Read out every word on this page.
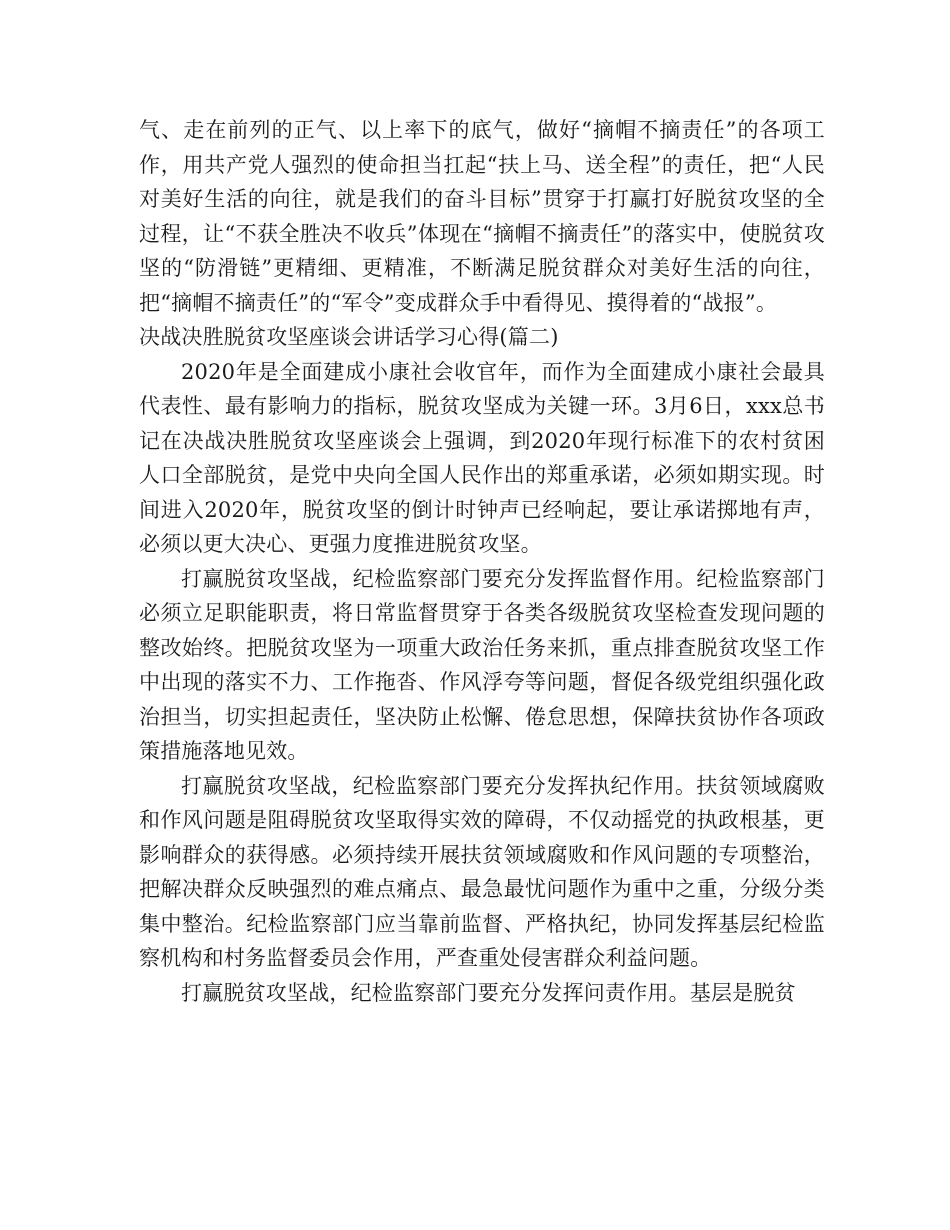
气、走在前列的正气、以上率下的底气，做好“摘帽不摘责任”的各项工作，用共产党人强烈的使命担当扛起“扶上马、送全程”的责任，把“人民对美好生活的向往，就是我们的奋斗目标”贯穿于打赢打好脱贫攻坚的全过程，让“不获全胜决不收兵”体现在“摘帽不摘责任”的落实中，使脱贫攻坚的“防滑链”更精细、更精准，不断满足脱贫群众对美好生活的向往，把“摘帽不摘责任”的“军令”变成群众手中看得见、摸得着的“战报”。

决战决胜脱贫攻坚座谈会讲话学习心得(篇二)

2020年是全面建成小康社会收官年，而作为全面建成小康社会最具代表性、最有影响力的指标，脱贫攻坚成为关键一环。3月6日，xxx总书记在决战决胜脱贫攻坚座谈会上强调，到2020年现行标准下的农村贫困人口全部脱贫，是党中央向全国人民作出的郑重承诺，必须如期实现。时间进入2020年，脱贫攻坚的倒计时钟声已经响起，要让承诺掷地有声，必须以更大决心、更强力度推进脱贫攻坚。

打赢脱贫攻坚战，纪检监察部门要充分发挥监督作用。纪检监察部门必须立足职能职责，将日常监督贯穿于各类各级脱贫攻坚检查发现问题的整改始终。把脱贫攻坚为一项重大政治任务来抓，重点排查脱贫攻坚工作中出现的落实不力、工作拖沓、作风浮夸等问题，督促各级党组织强化政治担当，切实担起责任，坚决防止松懈、倦怠思想，保障扶贫协作各项政策措施落地见效。

打赢脱贫攻坚战，纪检监察部门要充分发挥执纪作用。扶贫领域腐败和作风问题是阻碍脱贫攻坚取得实效的障碍，不仅动摇党的执政根基，更影响群众的获得感。必须持续开展扶贫领域腐败和作风问题的专项整治，把解决群众反映强烈的难点痛点、最急最忧问题作为重中之重，分级分类集中整治。纪检监察部门应当靠前监督、严格执纪，协同发挥基层纪检监察机构和村务监督委员会作用，严查重处侵害群众利益问题。

打赢脱贫攻坚战，纪检监察部门要充分发挥问责作用。基层是脱贫
